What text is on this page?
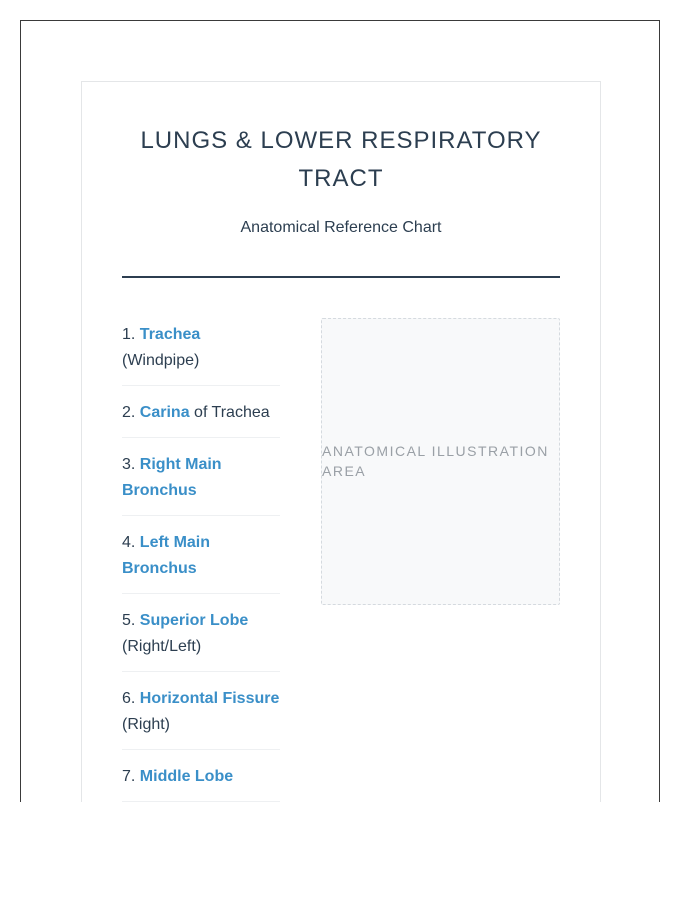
LUNGS & LOWER RESPIRATORY TRACT

Anatomical Reference Chart

1. Trachea (Windpipe)
2. Carina of Trachea
3. Right Main Bronchus
4. Left Main Bronchus
5. Superior Lobe (Right/Left)
6. Horizontal Fissure (Right)
7. Middle Lobe
ANATOMICAL ILLUSTRATION AREA
